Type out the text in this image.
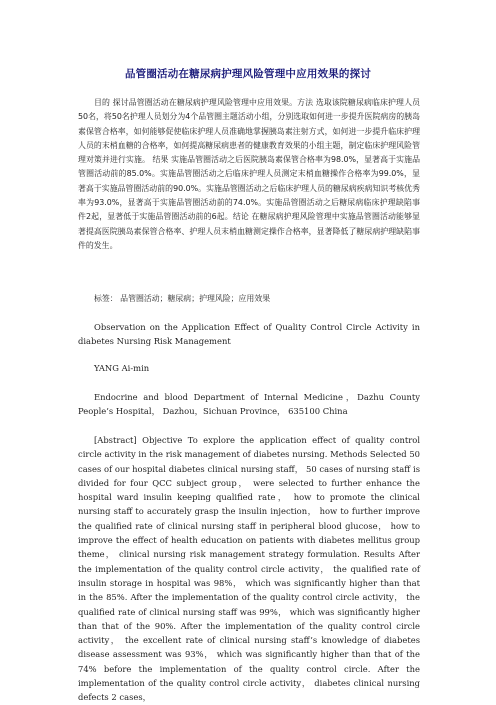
品管圈活动在糖尿病护理风险管理中应用效果的探讨

目的 探讨品管圈活动在糖尿病护理风险管理中应用效果。方法 选取该院糖尿病临床护理人员50名，将50名护理人员划分为4个品管圈主题活动小组，分别选取如何进一步提升医院病房的胰岛素保管合格率，如何能够促使临床护理人员准确地掌握胰岛素注射方式，如何进一步提升临床护理人员的末梢血糖的合格率，如何提高糖尿病患者的健康教育效果的小组主题，制定临床护理风险管理对策并进行实施。 结果 实施品管圈活动之后医院胰岛素保管合格率为98.0%，显著高于实施品管圈活动前的85.0%。实施品管圈活动之后临床护理人员测定末梢血糖操作合格率为99.0%，显著高于实施品管圈活动前的90.0%。实施品管圈活动之后临床护理人员的糖尿病疾病知识考核优秀率为93.0%，显著高于实施品管圈活动前的74.0%。实施品管圈活动之后糖尿病临床护理缺陷事件2起，显著低于实施品管圈活动前的6起。结论 在糖尿病护理风险管理中实施品管圈活动能够显著提高医院胰岛素保管合格率、护理人员末梢血糖测定操作合格率，显著降低了糖尿病护理缺陷事件的发生。

标签： 品管圈活动；糖尿病；护理风险；应用效果

Observation on the Application Effect of Quality Control Circle Activity in diabetes Nursing Risk Management

YANG Ai-min

Endocrine and blood Department of Internal Medicine，Dazhu County People’s Hospital， Dazhou，Sichuan Province， 635100 China

[Abstract] Objective To explore the application effect of quality control circle activity in the risk management of diabetes nursing. Methods Selected 50 cases of our hospital diabetes clinical nursing staff， 50 cases of nursing staff is divided for four QCC subject group， were selected to further enhance the hospital ward insulin keeping qualified rate， how to promote the clinical nursing staff to accurately grasp the insulin injection， how to further improve the qualified rate of clinical nursing staff in peripheral blood glucose， how to improve the effect of health education on patients with diabetes mellitus group theme， clinical nursing risk management strategy formulation. Results After the implementation of the quality control circle activity， the qualified rate of insulin storage in hospital was 98%， which was significantly higher than that in the 85%. After the implementation of the quality control circle activity， the qualified rate of clinical nursing staff was 99%， which was significantly higher than that of the 90%. After the implementation of the quality control circle activity， the excellent rate of clinical nursing staff’s knowledge of diabetes disease assessment was 93%， which was significantly higher than that of the 74% before the implementation of the quality control circle. After the implementation of the quality control circle activity， diabetes clinical nursing defects 2 cases，
